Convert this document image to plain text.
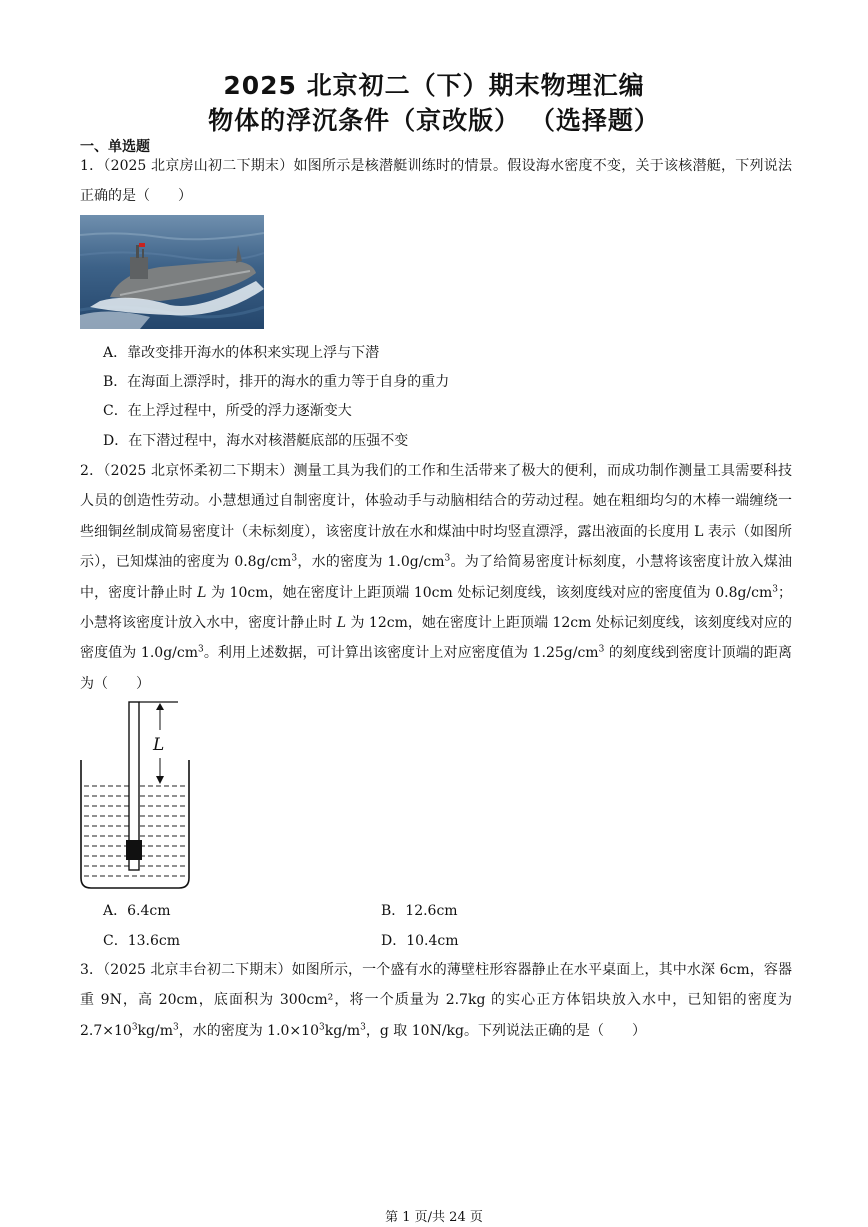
2025 北京初二（下）期末物理汇编
物体的浮沉条件（京改版） （选择题）
一、单选题
1．（2025 北京房山初二下期末）如图所示是核潜艇训练时的情景。假设海水密度不变，关于该核潜艇，下列说法正确的是（　　）
A．靠改变排开海水的体积来实现上浮与下潜
B．在海面上漂浮时，排开的海水的重力等于自身的重力
C．在上浮过程中，所受的浮力逐渐变大
D．在下潜过程中，海水对核潜艇底部的压强不变
2．（2025 北京怀柔初二下期末）测量工具为我们的工作和生活带来了极大的便利，而成功制作测量工具需要科技人员的创造性劳动。小慧想通过自制密度计，体验动手与动脑相结合的劳动过程。她在粗细均匀的木棒一端缠绕一些细铜丝制成简易密度计（未标刻度），该密度计放在水和煤油中时均竖直漂浮，露出液面的长度用 L 表示（如图所示），已知煤油的密度为 $0.8g/cm^3$，水的密度为 $1.0g/cm^3$。为了给简易密度计标刻度，小慧将该密度计放入煤油中，密度计静止时 L 为 10cm，她在密度计上距顶端 10cm 处标记刻度线，该刻度线对应的密度值为 $0.8g/cm^3$；小慧将该密度计放入水中，密度计静止时 L 为 12cm，她在密度计上距顶端 12cm 处标记刻度线，该刻度线对应的密度值为 $1.0g/cm^3$。利用上述数据，可计算出该密度计上对应密度值为 $1.25g/cm^3$ 的刻度线到密度计顶端的距离为（　　）
L
A．6.4cm	B．12.6cm
C．13.6cm	D．10.4cm
3．（2025 北京丰台初二下期末）如图所示，一个盛有水的薄壁柱形容器静止在水平桌面上，其中水深 6cm，容器重 9N，高 20cm，底面积为 300cm²，将一个质量为 2.7kg 的实心正方体铝块放入水中，已知铝的密度为 $2.7\times 10^3kg/m^3$，水的密度为 $1.0\times 10^3kg/m^3$，g 取 10N/kg。下列说法正确的是（　　）
第 1 页/共 24 页
